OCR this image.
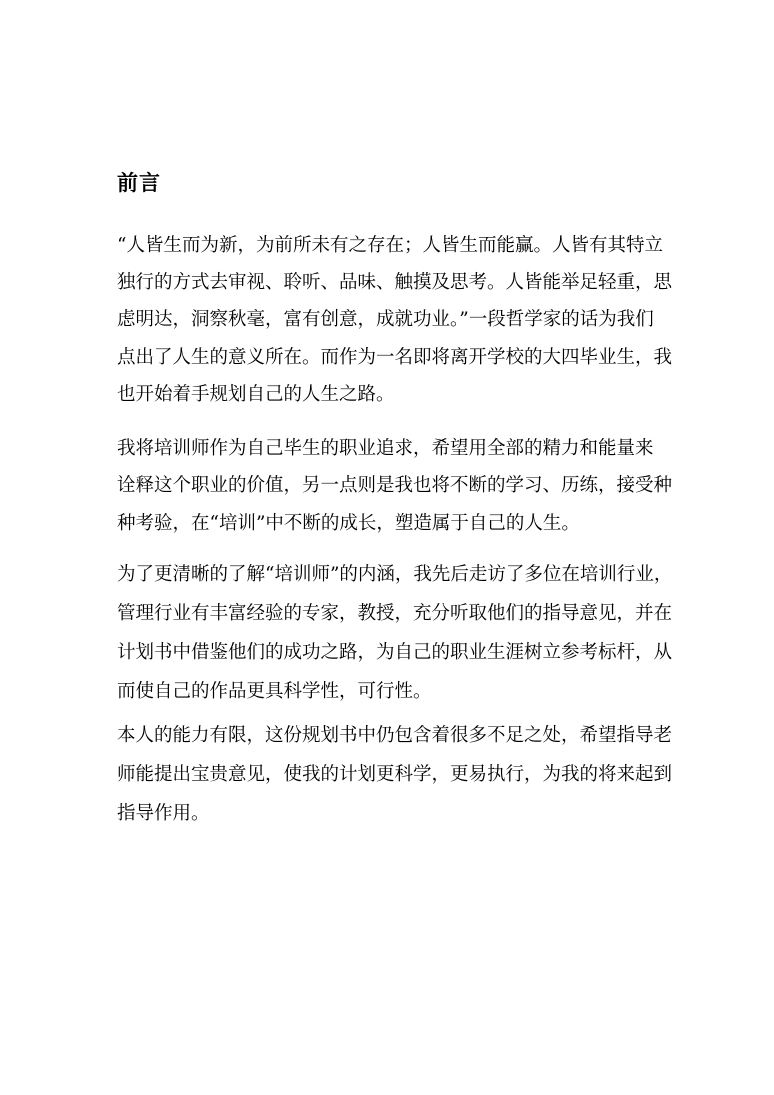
前言

“人皆生而为新，为前所未有之存在；人皆生而能赢。人皆有其特立

独行的方式去审视、聆听、品味、触摸及思考。人皆能举足轻重，思

虑明达，洞察秋毫，富有创意，成就功业。”一段哲学家的话为我们

点出了人生的意义所在。而作为一名即将离开学校的大四毕业生，我

也开始着手规划自己的人生之路。

我将培训师作为自己毕生的职业追求，希望用全部的精力和能量来

诠释这个职业的价值，另一点则是我也将不断的学习、历练，接受种

种考验，在“培训”中不断的成长，塑造属于自己的人生。

为了更清晰的了解“培训师”的内涵，我先后走访了多位在培训行业，

管理行业有丰富经验的专家，教授，充分听取他们的指导意见，并在

计划书中借鉴他们的成功之路，为自己的职业生涯树立参考标杆，从

而使自己的作品更具科学性，可行性。

本人的能力有限，这份规划书中仍包含着很多不足之处，希望指导老

师能提出宝贵意见，使我的计划更科学，更易执行，为我的将来起到

指导作用。
